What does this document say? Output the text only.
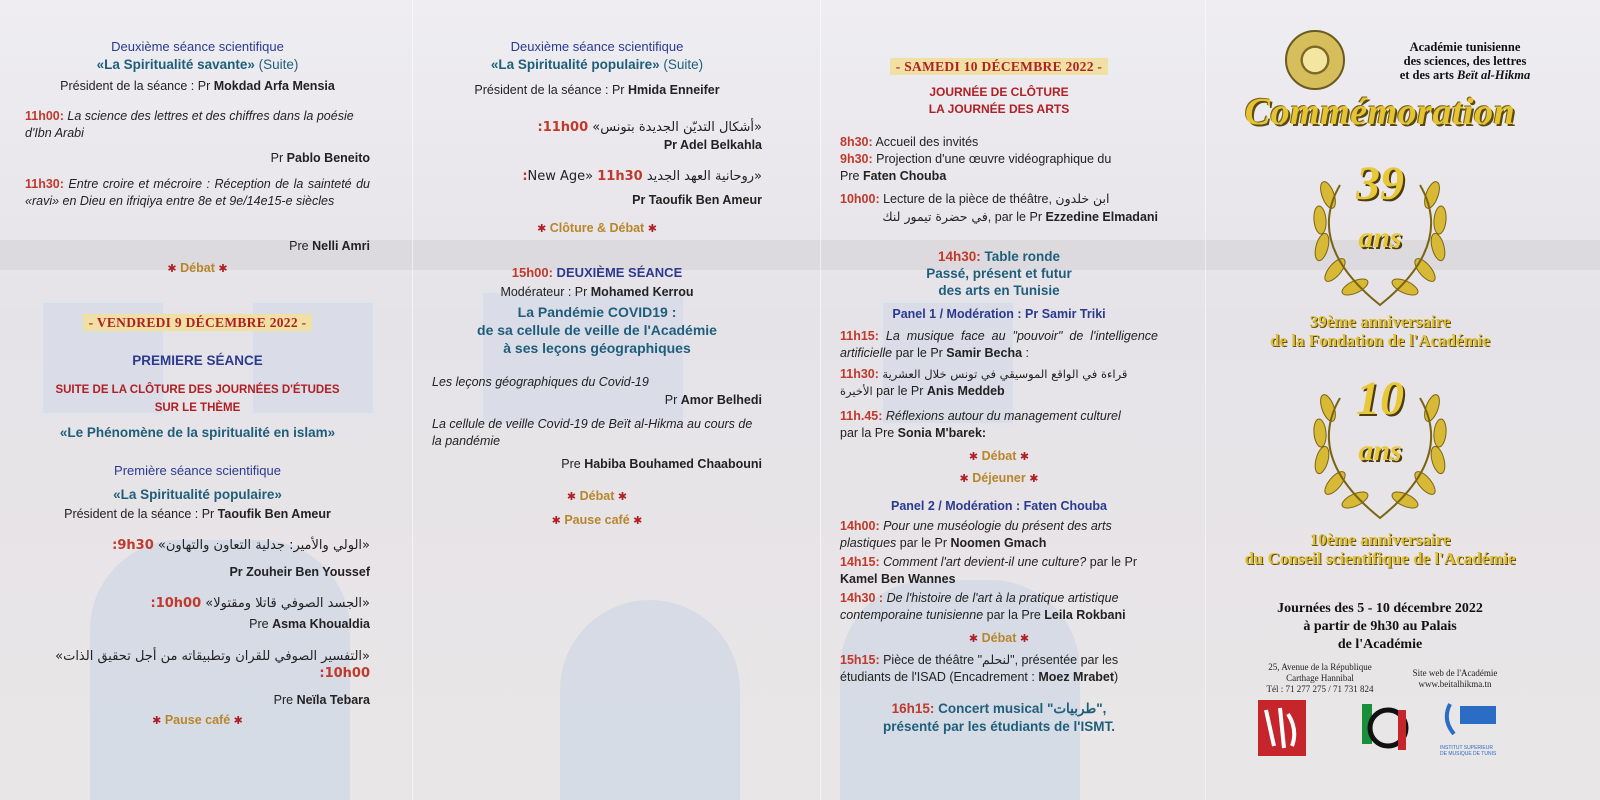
Deuxième séance scientifique
«La Spiritualité savante» (Suite)
Président de la séance : Pr Mokdad Arfa Mensia
11h00: La science des lettres et des chiffres dans la poésie d'Ibn Arabi
Pr Pablo Beneito
11h30: Entre croire et mécroire : Réception de la sainteté du «ravi» en Dieu en ifriqiya entre 8e et 9e/14e15-e siècles
Pre Nelli Amri
✱ Débat ✱
- VENDREDI 9 DÉCEMBRE 2022 -
PREMIERE SÉANCE
SUITE DE LA CLÔTURE DES JOURNÉES D'ÉTUDES
SUR LE THÈME
«Le Phénomène de la spiritualité en islam»
Première séance scientifique
«La Spiritualité populaire»
Président de la séance : Pr Taoufik Ben Ameur
«الولي والأمير: جدلية التعاون والتهاون» 9h30:
Pr Zouheir Ben Youssef
«الجسد الصوفي قاتلا ومقتولا» 10h00:
Pre Asma Khoualdia
«التفسير الصوفي للقران وتطبيقاته من أجل تحقيق الذات» 10h00:
Pre Neïla Tebara
✱ Pause café ✱
Deuxième séance scientifique
«La Spiritualité populaire» (Suite)
Président de la séance : Pr Hmida Enneifer
«أشكال التديّن الجديدة بتونس» 11h00:
Pr Adel Belkahla
«روحانية العهد الجديد New Age» 11h30:
Pr Taoufik Ben Ameur
✱ Clôture & Débat ✱
15h00: DEUXIÈME SÉANCE
Modérateur : Pr Mohamed Kerrou
La Pandémie COVID19 :
de sa cellule de veille de l'Académie
à ses leçons géographiques
Les leçons géographiques du Covid-19
Pr Amor Belhedi
La cellule de veille Covid-19 de Beït al-Hikma au cours de la pandémie
Pre Habiba Bouhamed Chaabouni
✱ Débat ✱
✱ Pause café ✱
- SAMEDI 10 DÉCEMBRE 2022 -
JOURNÉE DE CLÔTURE
LA JOURNÉE DES ARTS
8h30: Accueil des invités
9h30: Projection d'une œuvre vidéographique du
Pre Faten Chouba
10h00: Lecture de la pièce de théâtre, ابن خلدون
في حضرة تيمور لنك, par le Pr Ezzedine Elmadani
14h30: Table ronde
Passé, présent et futur
des arts en Tunisie
Panel 1 / Modération : Pr Samir Triki
11h15: La musique face au "pouvoir" de l'intelligence artificielle par le Pr Samir Becha :
11h30: قراءة في الواقع الموسيقي في تونس خلال العشرية الأخيرة par le Pr Anis Meddeb
11h.45: Réflexions autour du management culturel
par la Pre Sonia M'barek:
✱ Débat ✱
✱ Déjeuner ✱
Panel 2 / Modération : Faten Chouba
14h00: Pour une muséologie du présent des arts plastiques par le Pr Noomen Gmach
14h15: Comment l'art devient-il une culture? par le Pr Kamel Ben Wannes
14h30 : De l'histoire de l'art à la pratique artistique contemporaine tunisienne par la Pre Leila Rokbani
✱ Débat ✱
15h15: Pièce de théâtre "لنحلم", présentée par les étudiants de l'ISAD (Encadrement : Moez Mrabet)
16h15: Concert musical "طربيات",
présenté par les étudiants de l'ISMT.
Académie tunisienne
des sciences, des lettres
et des arts Beït al-Hikma
Commémoration
39
ans
39ème anniversaire
de la Fondation de l'Académie
10
ans
10ème anniversaire
du Conseil scientifique de l'Académie
Journées des 5 - 10 décembre 2022
à partir de 9h30 au Palais
de l'Académie
25, Avenue de la République
Carthage Hannibal
Tél : 71 277 275 / 71 731 824
Site web de l'Académie
www.beitalhikma.tn
INSTITUT SUPERIEUR DE MUSIQUE DE TUNIS
